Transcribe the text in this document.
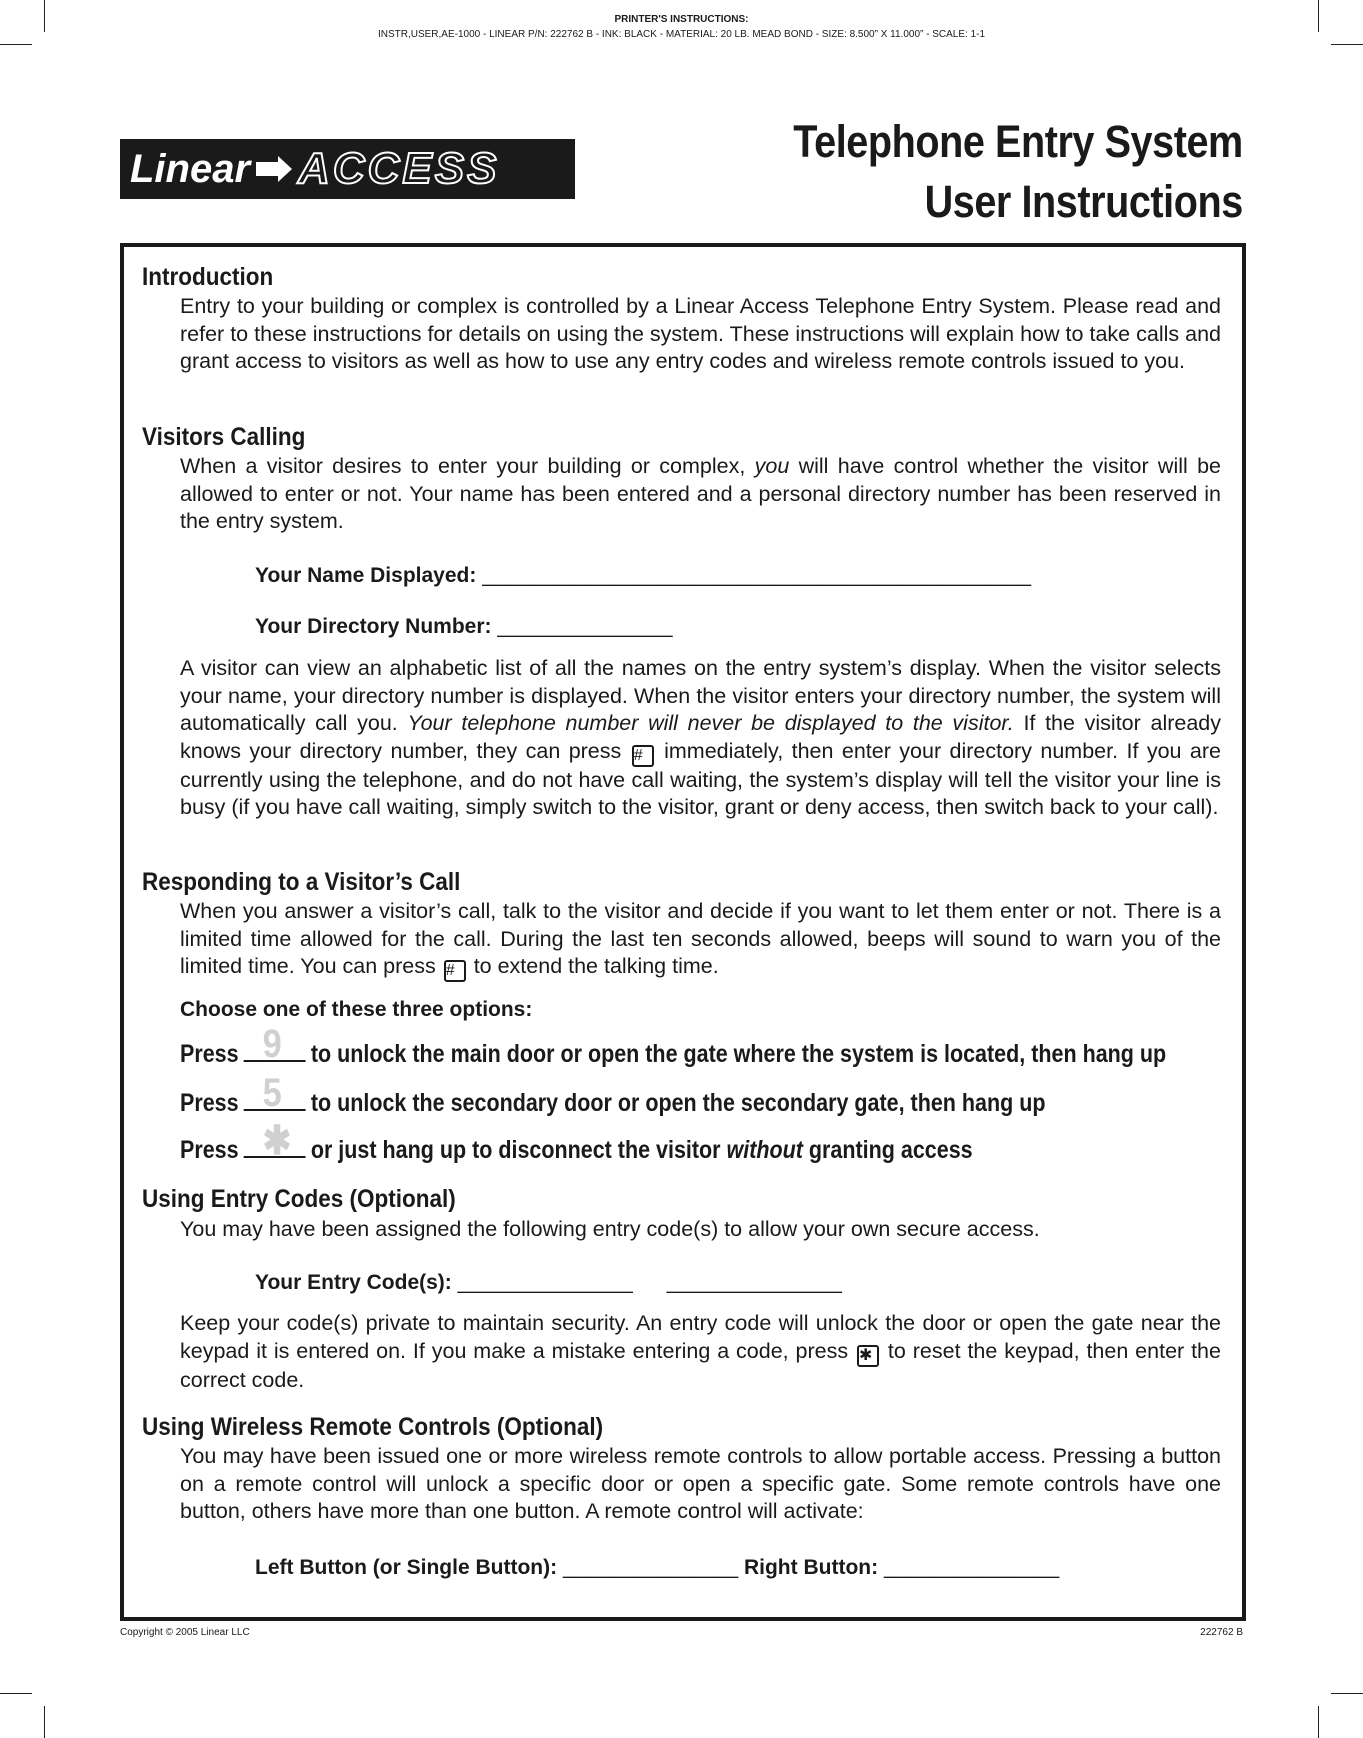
PRINTER'S INSTRUCTIONS:
INSTR,USER,AE-1000 - LINEAR P/N: 222762 B - INK: BLACK - MATERIAL: 20 LB. MEAD BOND - SIZE: 8.500” X 11.000” - SCALE: 1-1
Linear ACCESS
Telephone Entry System
User Instructions
Introduction
Entry to your building or complex is controlled by a Linear Access Telephone Entry System. Please read and refer to these instructions for details on using the system. These instructions will explain how to take calls and grant access to visitors as well as how to use any entry codes and wireless remote controls issued to you.
Visitors Calling
When a visitor desires to enter your building or complex, you will have control whether the visitor will be allowed to enter or not. Your name has been entered and a personal directory number has been reserved in the entry system.
Your Name Displayed: _______________________________________________
Your Directory Number: _______________
A visitor can view an alphabetic list of all the names on the entry system’s display. When the visitor selects your name, your directory number is displayed. When the visitor enters your directory number, the system will automatically call you. Your telephone number will never be displayed to the visitor. If the visitor already knows your directory number, they can press # immediately, then enter your directory number. If you are currently using the telephone, and do not have call waiting, the system’s display will tell the visitor your line is busy (if you have call waiting, simply switch to the visitor, grant or deny access, then switch back to your call).
Responding to a Visitor’s Call
When you answer a visitor’s call, talk to the visitor and decide if you want to let them enter or not. There is a limited time allowed for the call. During the last ten seconds allowed, beeps will sound to warn you of the limited time. You can press # to extend the talking time.
Choose one of these three options:
Press 9 to unlock the main door or open the gate where the system is located, then hang up
Press 5 to unlock the secondary door or open the secondary gate, then hang up
Press ✱ or just hang up to disconnect the visitor without granting access
Using Entry Codes (Optional)
You may have been assigned the following entry code(s) to allow your own secure access.
Your Entry Code(s): _______________ _______________
Keep your code(s) private to maintain security. An entry code will unlock the door or open the gate near the keypad it is entered on. If you make a mistake entering a code, press ✱ to reset the keypad, then enter the correct code.
Using Wireless Remote Controls (Optional)
You may have been issued one or more wireless remote controls to allow portable access. Pressing a button on a remote control will unlock a specific door or open a specific gate. Some remote controls have one button, others have more than one button. A remote control will activate:
Left Button (or Single Button): _______________ Right Button: _______________
Copyright © 2005 Linear LLC	222762 B
